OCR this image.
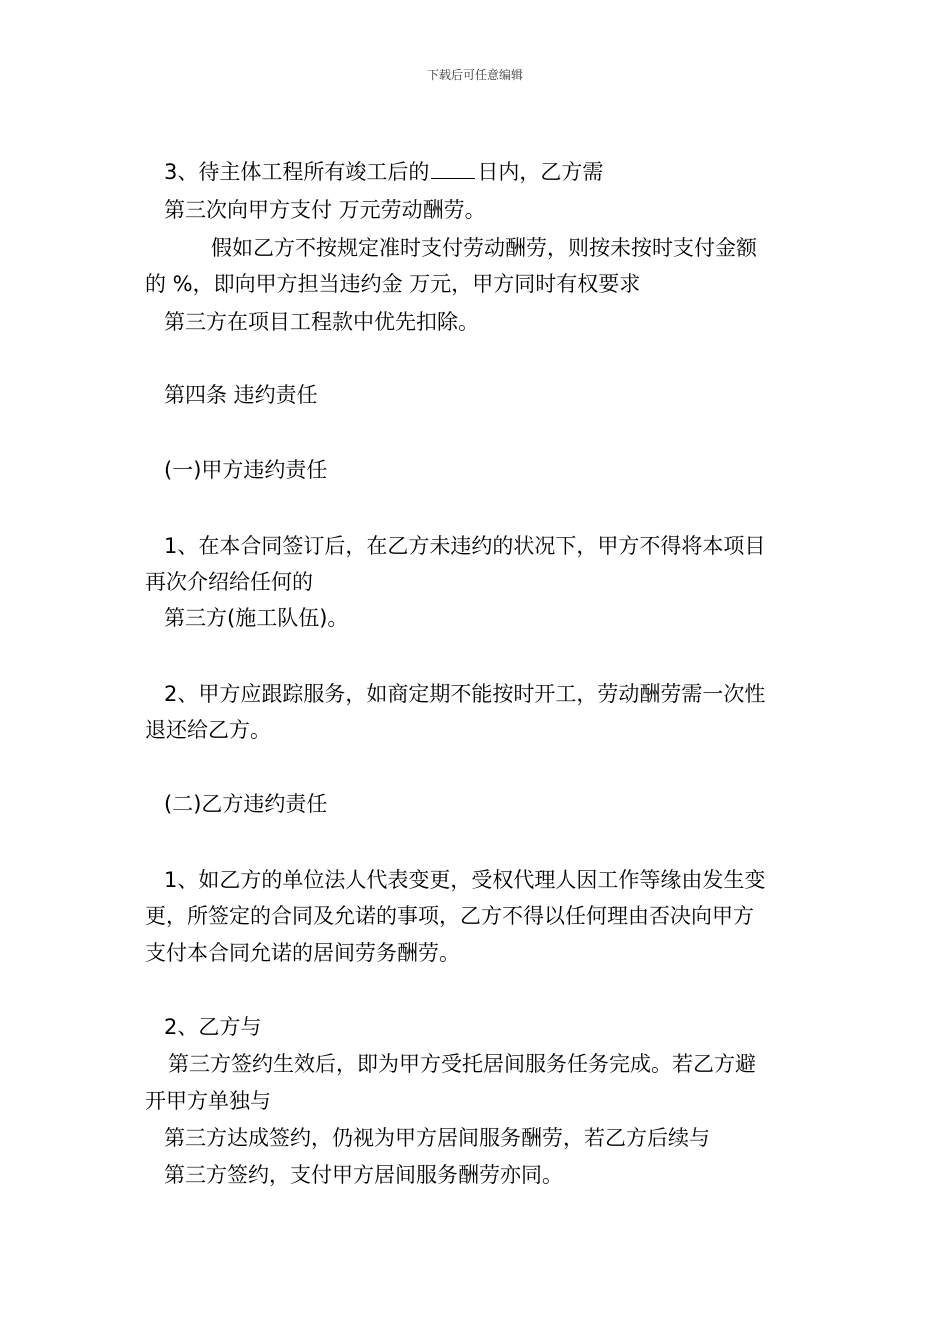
下载后可任意编辑
3、待主体工程所有竣工后的 日内，乙方需
第三次向甲方支付 万元劳动酬劳。
假如乙方不按规定准时支付劳动酬劳，则按未按时支付金额
的 %，即向甲方担当违约金 万元，甲方同时有权要求
第三方在项目工程款中优先扣除。
第四条 违约责任
(一)甲方违约责任
1、在本合同签订后，在乙方未违约的状况下，甲方不得将本项目
再次介绍给任何的
第三方(施工队伍)。
2、甲方应跟踪服务，如商定期不能按时开工，劳动酬劳需一次性
退还给乙方。
(二)乙方违约责任
1、如乙方的单位法人代表变更，受权代理人因工作等缘由发生变
更，所签定的合同及允诺的事项，乙方不得以任何理由否决向甲方
支付本合同允诺的居间劳务酬劳。
2、乙方与
第三方签约生效后，即为甲方受托居间服务任务完成。若乙方避
开甲方单独与
第三方达成签约，仍视为甲方居间服务酬劳，若乙方后续与
第三方签约，支付甲方居间服务酬劳亦同。
